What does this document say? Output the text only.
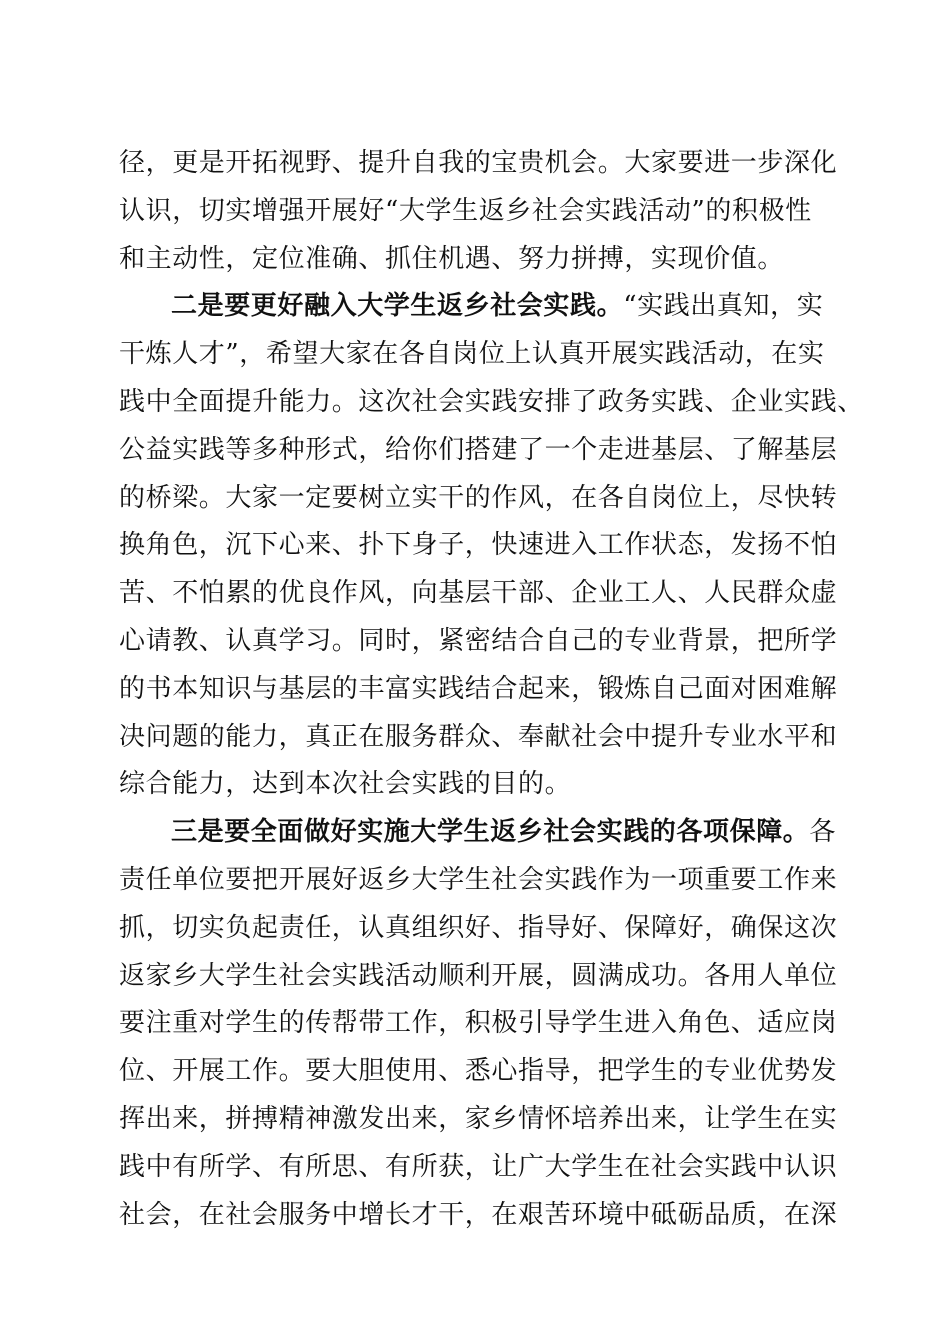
径，更是开拓视野、提升自我的宝贵机会。大家要进一步深化
认识，切实增强开展好“大学生返乡社会实践活动”的积极性
和主动性，定位准确、抓住机遇、努力拼搏，实现价值。
二是要更好融入大学生返乡社会实践。“实践出真知，实
干炼人才”，希望大家在各自岗位上认真开展实践活动，在实
践中全面提升能力。这次社会实践安排了政务实践、企业实践、
公益实践等多种形式，给你们搭建了一个走进基层、了解基层
的桥梁。大家一定要树立实干的作风，在各自岗位上，尽快转
换角色，沉下心来、扑下身子，快速进入工作状态，发扬不怕
苦、不怕累的优良作风，向基层干部、企业工人、人民群众虚
心请教、认真学习。同时，紧密结合自己的专业背景，把所学
的书本知识与基层的丰富实践结合起来，锻炼自己面对困难解
决问题的能力，真正在服务群众、奉献社会中提升专业水平和
综合能力，达到本次社会实践的目的。
三是要全面做好实施大学生返乡社会实践的各项保障。各
责任单位要把开展好返乡大学生社会实践作为一项重要工作来
抓，切实负起责任，认真组织好、指导好、保障好，确保这次
返家乡大学生社会实践活动顺利开展，圆满成功。各用人单位
要注重对学生的传帮带工作，积极引导学生进入角色、适应岗
位、开展工作。要大胆使用、悉心指导，把学生的专业优势发
挥出来，拼搏精神激发出来，家乡情怀培养出来，让学生在实
践中有所学、有所思、有所获，让广大学生在社会实践中认识
社会，在社会服务中增长才干，在艰苦环境中砥砺品质，在深
